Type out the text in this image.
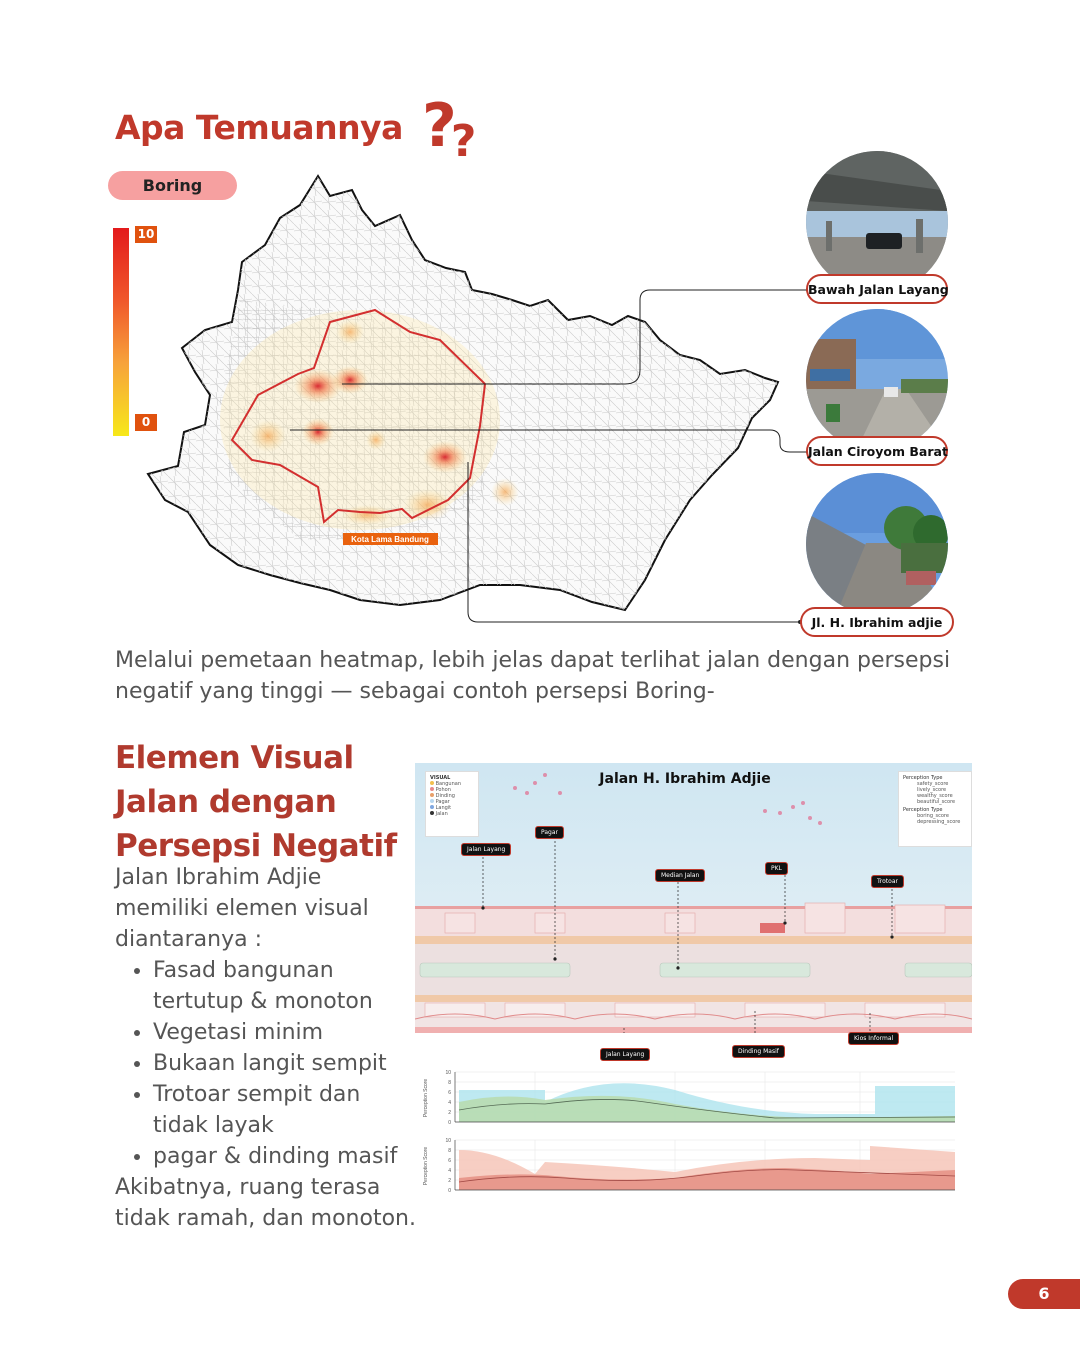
Apa Temuannya ??
Boring
10
0
Kota Lama Bandung
Bawah Jalan Layang
Jalan Ciroyom Barat
Jl. H. Ibrahim adjie
Melalui pemetaan heatmap, lebih jelas dapat terlihat jalan dengan persepsi negatif yang tinggi — sebagai contoh persepsi Boring-
Elemen Visual
Jalan dengan
Persepsi Negatif
Jalan Ibrahim Adjie
memiliki elemen visual
diantaranya :
• Fasad bangunan tertutup & monoton
• Vegetasi minim
• Bukaan langit sempit
• Trotoar sempit dan tidak layak
• pagar & dinding masif
Akibatnya, ruang terasa
tidak ramah, dan monoton.
Jalan H. Ibrahim Adjie
VISUAL
Bangunan
Pohon
Dinding
Pagar
Langit
Jalan
Perception Type
safety_score
lively_score
wealthy_score
beautiful_score
Perception Type
boring_score
depressing_score
Jalan Layang
Pagar
Median Jalan
PKL
Trotoar
Jalan Layang	Dinding Masif
Kios Informal
Perception Score
10
8
6
4
2
0
Perception Score
10
8
6
4
2
0
6
